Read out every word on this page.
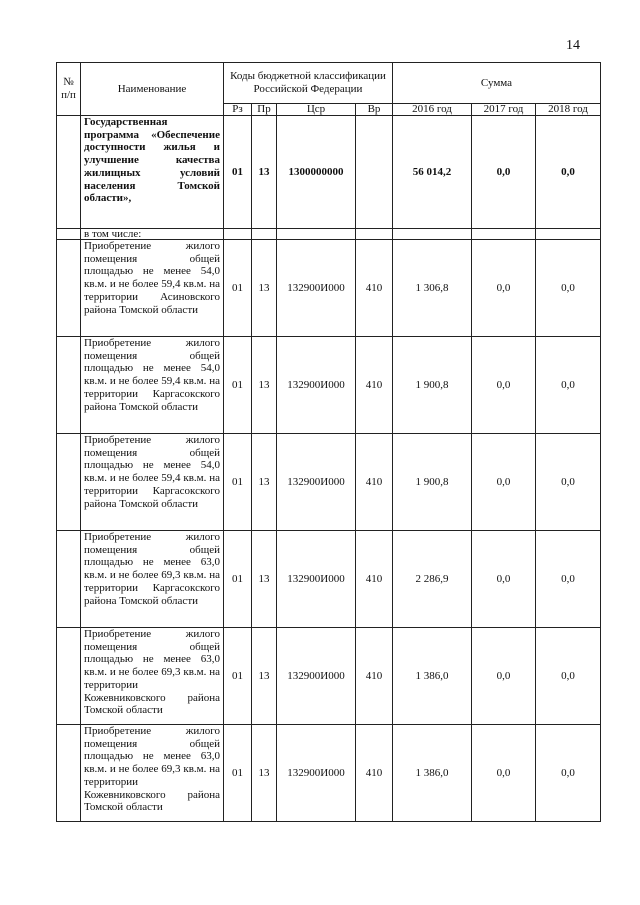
14
№
п/п	Наименование	Коды бюджетной классификации Российской Федерации				Сумма		
		Рз	Пр	Цср	Вр	2016 год	2017 год	2018 год
	Государственная программа «Обеспечение доступности жилья и улучшение качества жилищных условий населения Томской области»,	01	13	1300000000		56 014,2	0,0	0,0
	в том числе:							
	Приобретение жилого помещения общей площадью не менее 54,0 кв.м. и не более 59,4 кв.м. на территории Асиновского района Томской области	01	13	132900И000	410	1 306,8	0,0	0,0
	Приобретение жилого помещения общей площадью не менее 54,0 кв.м. и не более 59,4 кв.м. на территории Каргасокского района Томской области	01	13	132900И000	410	1 900,8	0,0	0,0
	Приобретение жилого помещения общей площадью не менее 54,0 кв.м. и не более 59,4 кв.м. на территории Каргасокского района Томской области	01	13	132900И000	410	1 900,8	0,0	0,0
	Приобретение жилого помещения общей площадью не менее 63,0 кв.м. и не более 69,3 кв.м. на территории Каргасокского района Томской области	01	13	132900И000	410	2 286,9	0,0	0,0
	Приобретение жилого помещения общей площадью не менее 63,0 кв.м. и не более 69,3 кв.м. на территории Кожевниковского района Томской области	01	13	132900И000	410	1 386,0	0,0	0,0
	Приобретение жилого помещения общей площадью не менее 63,0 кв.м. и не более 69,3 кв.м. на территории Кожевниковского района Томской области	01	13	132900И000	410	1 386,0	0,0	0,0
